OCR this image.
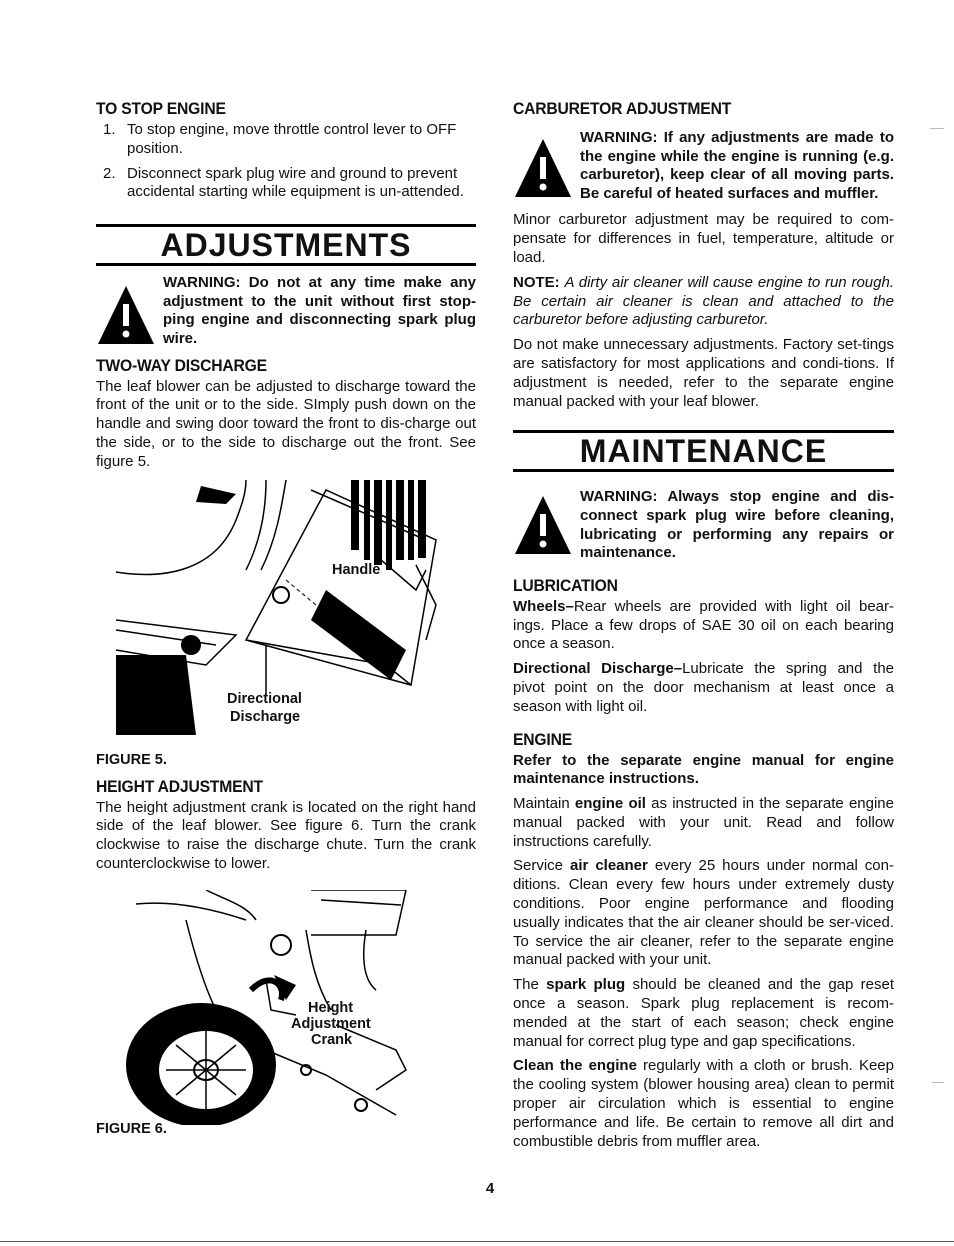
TO STOP ENGINE
1. To stop engine, move throttle control lever to OFF position.
2. Disconnect spark plug wire and ground to prevent accidental starting while equipment is un-attended.
ADJUSTMENTS
WARNING: Do not at any time make any adjustment to the unit without first stop-ping engine and disconnecting spark plug wire.
TWO-WAY DISCHARGE

The leaf blower can be adjusted to discharge toward the front of the unit or to the side. SImply push down on the handle and swing door toward the front to dis-charge out the side, or to the side to discharge out the front. See figure 5.

Handle
Directional
Discharge
FIGURE 5.
HEIGHT ADJUSTMENT

The height adjustment crank is located on the right hand side of the leaf blower. See figure 6. Turn the crank clockwise to raise the discharge chute. Turn the crank counterclockwise to lower.

Height
Adjustment
Crank
FIGURE 6.
CARBURETOR ADJUSTMENT
WARNING: If any adjustments are made to the engine while the engine is running (e.g. carburetor), keep clear of all moving parts. Be careful of heated surfaces and muffler.

Minor carburetor adjustment may be required to com-pensate for differences in fuel, temperature, altitude or load.

NOTE: A dirty air cleaner will cause engine to run rough. Be certain air cleaner is clean and attached to the carburetor before adjusting carburetor.

Do not make unnecessary adjustments. Factory set-tings are satisfactory for most applications and condi-tions. If adjustment is needed, refer to the separate engine manual packed with your leaf blower.

MAINTENANCE
WARNING: Always stop engine and dis-connect spark plug wire before cleaning, lubricating or performing any repairs or maintenance.
LUBRICATION

Wheels–Rear wheels are provided with light oil bear-ings. Place a few drops of SAE 30 oil on each bearing once a season.

Directional Discharge–Lubricate the spring and the pivot point on the door mechanism at least once a season with light oil.

ENGINE

Refer to the separate engine manual for engine maintenance instructions.

Maintain engine oil as instructed in the separate engine manual packed with your unit. Read and follow instructions carefully.

Service air cleaner every 25 hours under normal con-ditions. Clean every few hours under extremely dusty conditions. Poor engine performance and flooding usually indicates that the air cleaner should be ser-viced. To service the air cleaner, refer to the separate engine manual packed with your unit.

The spark plug should be cleaned and the gap reset once a season. Spark plug replacement is recom-mended at the start of each season; check engine manual for correct plug type and gap specifications.

Clean the engine regularly with a cloth or brush. Keep the cooling system (blower housing area) clean to permit proper air circulation which is essential to engine performance and life. Be certain to remove all dirt and combustible debris from muffler area.

4
